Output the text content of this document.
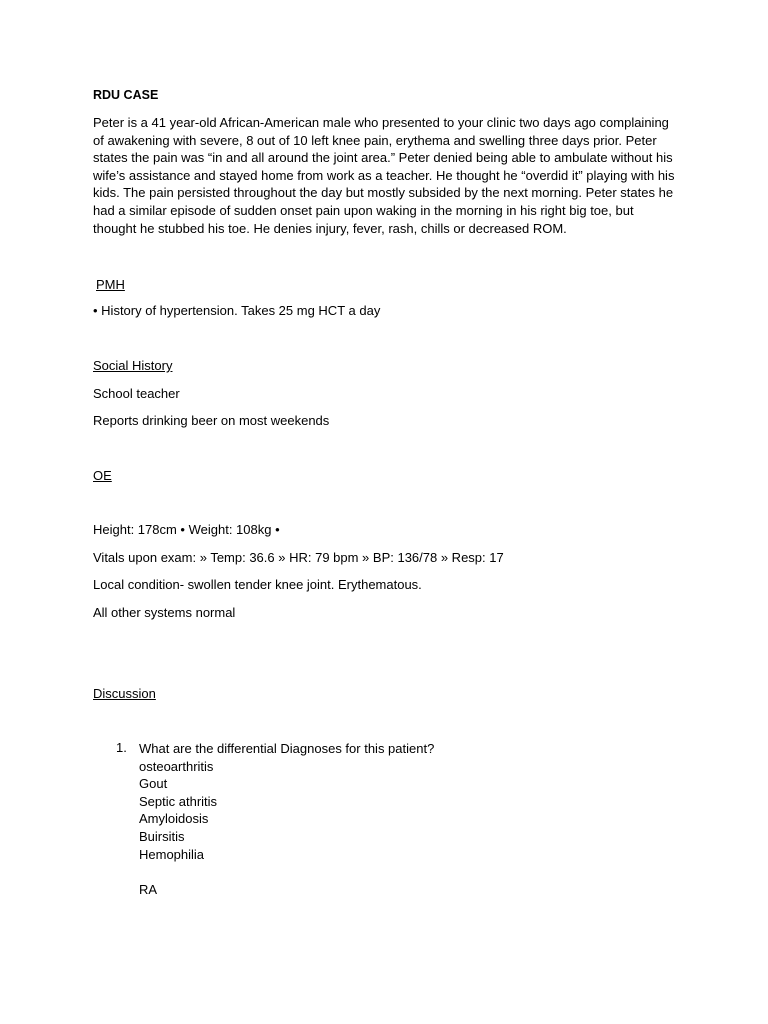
RDU CASE
Peter is a 41 year-old African-American male who presented to your clinic two days ago complaining of awakening with severe, 8 out of 10 left knee pain, erythema and swelling three days prior. Peter states the pain was “in and all around the joint area.” Peter denied being able to ambulate without his wife’s assistance and stayed home from work as a teacher. He thought he “overdid it” playing with his kids. The pain persisted throughout the day but mostly subsided by the next morning. Peter states he had a similar episode of sudden onset pain upon waking in the morning in his right big toe, but thought he stubbed his toe. He denies injury, fever, rash, chills or decreased ROM.
PMH
• History of hypertension. Takes 25 mg HCT a day
Social History
School teacher
Reports drinking beer on most weekends
OE
Height: 178cm • Weight: 108kg •
Vitals upon exam: » Temp: 36.6 » HR: 79 bpm » BP: 136/78 » Resp: 17
Local condition- swollen tender knee joint. Erythematous.
All other systems normal
Discussion
1. What are the differential Diagnoses for this patient?
osteoarthritis
Gout
Septic athritis
Amyloidosis
Buirsitis
Hemophilia
RA
